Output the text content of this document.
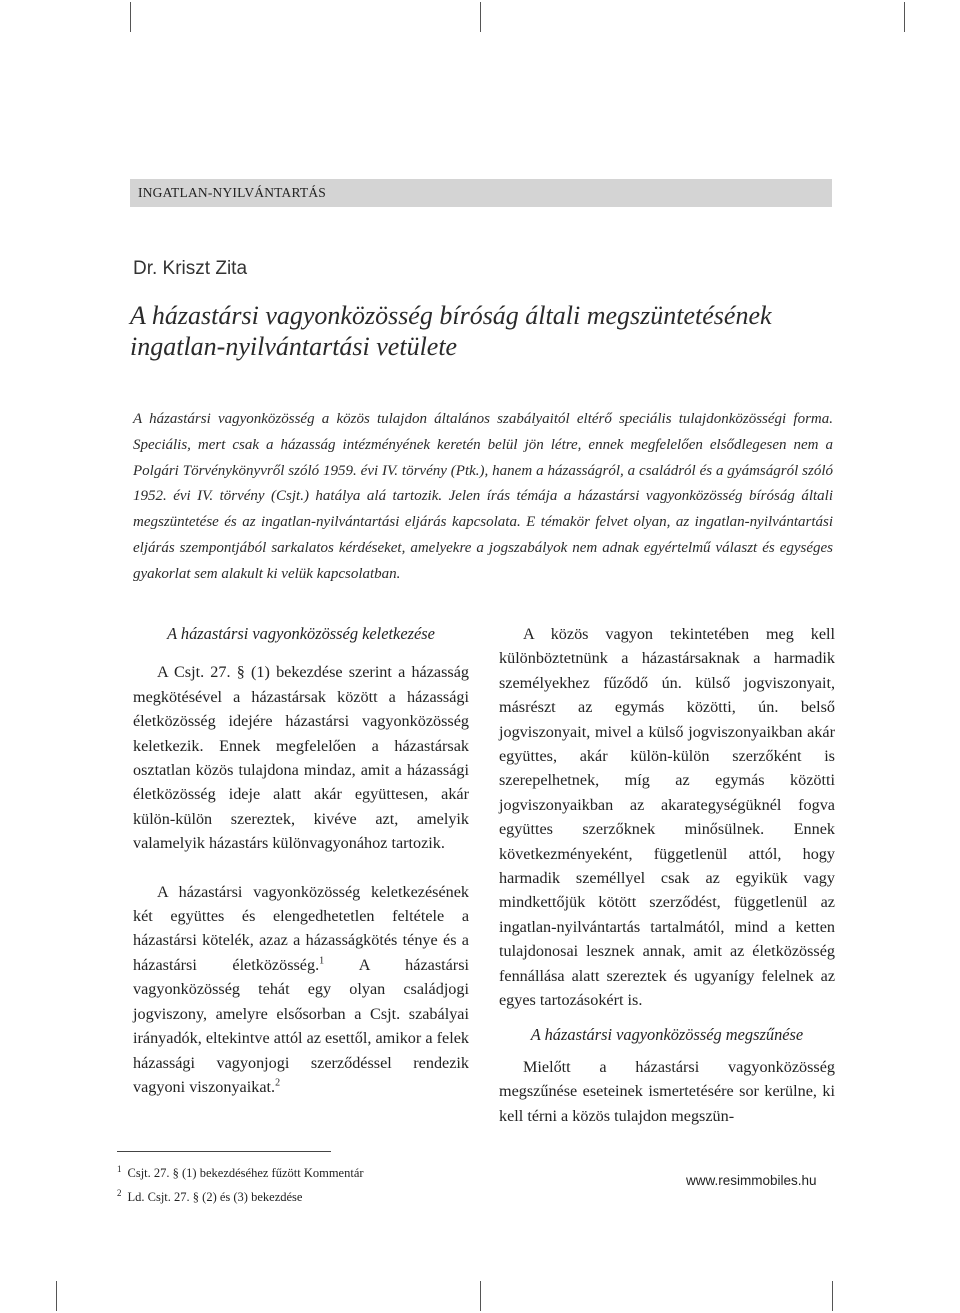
INGATLAN-NYILVÁNTARTÁS
Dr. Kriszt Zita
A házastársi vagyonközösség bíróság általi megszüntetésének
ingatlan-nyilvántartási vetülete
A házastársi vagyonközösség a közös tulajdon általános szabályaitól eltérő speciális tulajdonközösségi forma. Speciális, mert csak a házasság intézményének keretén belül jön létre, ennek megfelelően elsődlegesen nem a Polgári Törvénykönyvről szóló 1959. évi IV. törvény (Ptk.), hanem a házasságról, a családról és a gyámságról szóló 1952. évi IV. törvény (Csjt.) hatálya alá tartozik. Jelen írás témája a házastársi vagyonközösség bíróság általi megszüntetése és az ingatlan-nyilvántartási eljárás kapcsolata. E témakör felvet olyan, az ingatlan-nyilvántartási eljárás szempontjából sarkalatos kérdéseket, amelyekre a jogszabályok nem adnak egyértelmű választ és egységes gyakorlat sem alakult ki velük kapcsolatban.
A házastársi vagyonközösség keletkezése

A Csjt. 27. § (1) bekezdése szerint a házasság megkötésével a házastársak között a házassági életközösség idejére házastársi vagyonközösség keletkezik. Ennek megfelelően a házastársak osztatlan közös tulajdona mindaz, amit a házassági életközösség ideje alatt akár együttesen, akár külön-külön szereztek, kivéve azt, amelyik valamelyik házastárs különvagyonához tartozik.

A házastársi vagyonközösség keletkezésének két együttes és elengedhetetlen feltétele a házastársi kötelék, azaz a házasságkötés ténye és a házastársi életközösség.$^1$ A házastársi vagyonközösség tehát egy olyan családjogi jogviszony, amelyre elsősorban a Csjt. szabályai irányadók, eltekintve attól az esettől, amikor a felek házassági vagyonjogi szerződéssel rendezik vagyoni viszonyaikat.$^2$

A közös vagyon tekintetében meg kell különböztetnünk a házastársaknak a harmadik személyekhez fűződő ún. külső jogviszonyait, másrészt az egymás közötti, ún. belső jogviszonyait, mivel a külső jogviszonyaikban akár együttes, akár külön-külön szerzőként is szerepelhetnek, míg az egymás közötti jogviszonyaikban az akarategységüknél fogva együttes szerzőknek minősülnek. Ennek következményeként, függetlenül attól, hogy harmadik személlyel csak az egyikük vagy mindkettőjük kötött szerződést, függetlenül az ingatlan-nyilvántartás tartalmától, mind a ketten tulajdonosai lesznek annak, amit az életközösség fennállása alatt szereztek és ugyanígy felelnek az egyes tartozásokért is.

A házastársi vagyonközösség megszűnése

Mielőtt a házastársi vagyonközösség megszűnése eseteinek ismertetésére sor kerülne, ki kell térni a közös tulajdon megszün-

$^1$ Csjt. 27. § (1) bekezdéséhez fűzött Kommentár
$^2$ Ld. Csjt. 27. § (2) és (3) bekezdése
www.resimmobiles.hu
